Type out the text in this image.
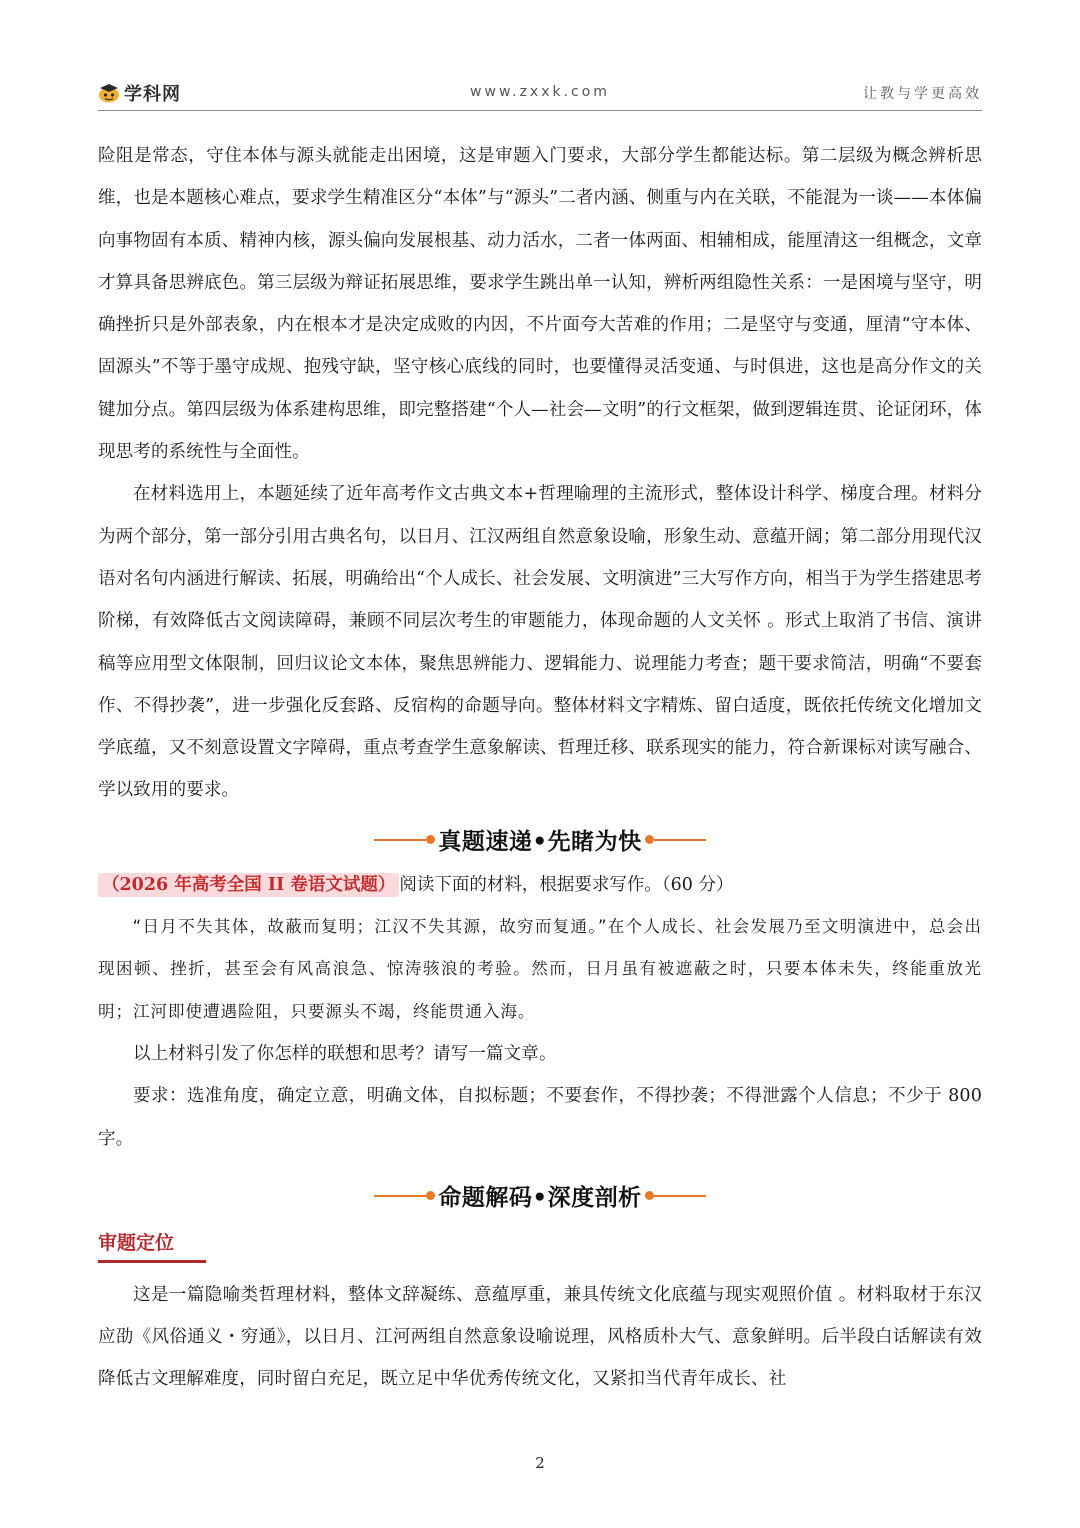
学科网	www.zxxk.com	让教与学更高效

险阻是常态，守住本体与源头就能走出困境，这是审题入门要求，大部分学生都能达标。第二层级为概念辨析思维，也是本题核心难点，要求学生精准区分“本体”与“源头”二者内涵、侧重与内在关联，不能混为一谈——本体偏向事物固有本质、精神内核，源头偏向发展根基、动力活水，二者一体两面、相辅相成，能厘清这一组概念，文章才算具备思辨底色。第三层级为辩证拓展思维，要求学生跳出单一认知，辨析两组隐性关系：一是困境与坚守，明确挫折只是外部表象，内在根本才是决定成败的内因，不片面夸大苦难的作用；二是坚守与变通，厘清“守本体、固源头”不等于墨守成规、抱残守缺，坚守核心底线的同时，也要懂得灵活变通、与时俱进，这也是高分作文的关键加分点。第四层级为体系建构思维，即完整搭建“个人—社会—文明”的行文框架，做到逻辑连贯、论证闭环，体现思考的系统性与全面性。

在材料选用上，本题延续了近年高考作文古典文本+哲理喻理的主流形式，整体设计科学、梯度合理。材料分为两个部分，第一部分引用古典名句，以日月、江汉两组自然意象设喻，形象生动、意蕴开阔；第二部分用现代汉语对名句内涵进行解读、拓展，明确给出“个人成长、社会发展、文明演进”三大写作方向，相当于为学生搭建思考阶梯，有效降低古文阅读障碍，兼顾不同层次考生的审题能力，体现命题的人文关怀 。形式上取消了书信、演讲稿等应用型文体限制，回归议论文本体，聚焦思辨能力、逻辑能力、说理能力考查；题干要求简洁，明确“不要套作、不得抄袭”，进一步强化反套路、反宿构的命题导向。整体材料文字精炼、留白适度，既依托传统文化增加文学底蕴，又不刻意设置文字障碍，重点考查学生意象解读、哲理迁移、联系现实的能力，符合新课标对读写融合、学以致用的要求。

真题速递•先睹为快

（2026 年高考全国 II 卷语文试题） 阅读下面的材料，根据要求写作。（60 分）

“日月不失其体，故蔽而复明；江汉不失其源，故穷而复通。”在个人成长、社会发展乃至文明演进中，总会出现困顿、挫折，甚至会有风高浪急、惊涛骇浪的考验。然而，日月虽有被遮蔽之时，只要本体未失，终能重放光明；江河即使遭遇险阻，只要源头不竭，终能贯通入海。

以上材料引发了你怎样的联想和思考？请写一篇文章。

要求：选准角度，确定立意，明确文体，自拟标题；不要套作，不得抄袭；不得泄露个人信息；不少于 800 字。

命题解码•深度剖析
审题定位

这是一篇隐喻类哲理材料，整体文辞凝练、意蕴厚重，兼具传统文化底蕴与现实观照价值 。材料取材于东汉应劭《风俗通义・穷通》，以日月、江河两组自然意象设喻说理，风格质朴大气、意象鲜明。后半段白话解读有效降低古文理解难度，同时留白充足，既立足中华优秀传统文化，又紧扣当代青年成长、社

2
